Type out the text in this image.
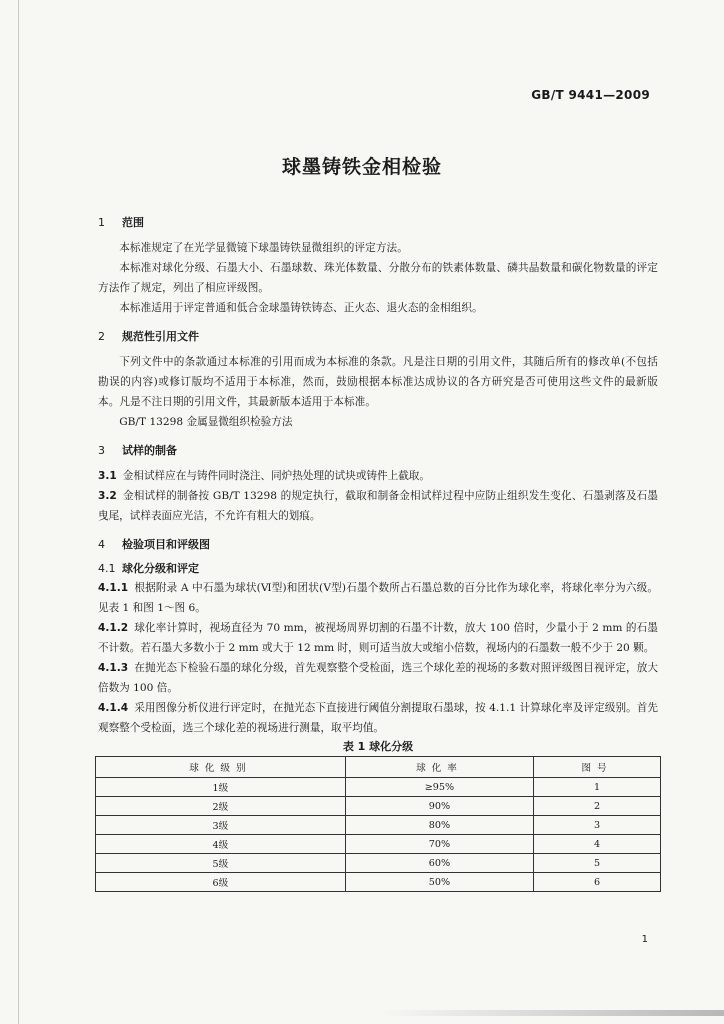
GB/T 9441—2009
球墨铸铁金相检验
1 范围

本标准规定了在光学显微镜下球墨铸铁显微组织的评定方法。

本标准对球化分级、石墨大小、石墨球数、珠光体数量、分散分布的铁素体数量、磷共晶数量和碳化物数量的评定方法作了规定，列出了相应评级图。

本标准适用于评定普通和低合金球墨铸铁铸态、正火态、退火态的金相组织。

2 规范性引用文件

下列文件中的条款通过本标准的引用而成为本标准的条款。凡是注日期的引用文件，其随后所有的修改单(不包括勘误的内容)或修订版均不适用于本标准，然而，鼓励根据本标准达成协议的各方研究是否可使用这些文件的最新版本。凡是不注日期的引用文件，其最新版本适用于本标准。

GB/T 13298 金属显微组织检验方法

3 试样的制备

3.1 金相试样应在与铸件同时浇注、同炉热处理的试块或铸件上截取。

3.2 金相试样的制备按 GB/T 13298 的规定执行，截取和制备金相试样过程中应防止组织发生变化、石墨剥落及石墨曳尾，试样表面应光洁，不允许有粗大的划痕。

4 检验项目和评级图
4.1 球化分级和评定

4.1.1 根据附录 A 中石墨为球状(Ⅵ型)和团状(Ⅴ型)石墨个数所占石墨总数的百分比作为球化率，将球化率分为六级。见表 1 和图 1～图 6。

4.1.2 球化率计算时，视场直径为 70 mm，被视场周界切割的石墨不计数，放大 100 倍时，少量小于 2 mm 的石墨不计数。若石墨大多数小于 2 mm 或大于 12 mm 时，则可适当放大或缩小倍数，视场内的石墨数一般不少于 20 颗。

4.1.3 在抛光态下检验石墨的球化分级，首先观察整个受检面，选三个球化差的视场的多数对照评级图目视评定，放大倍数为 100 倍。

4.1.4 采用图像分析仪进行评定时，在抛光态下直接进行阈值分割提取石墨球，按 4.1.1 计算球化率及评定级别。首先观察整个受检面，选三个球化差的视场进行测量，取平均值。

表 1 球化分级
球化级别	球化率	图号
1级	≥95%	1
2级	90%	2
3级	80%	3
4级	70%	4
5级	60%	5
6级	50%	6
1
